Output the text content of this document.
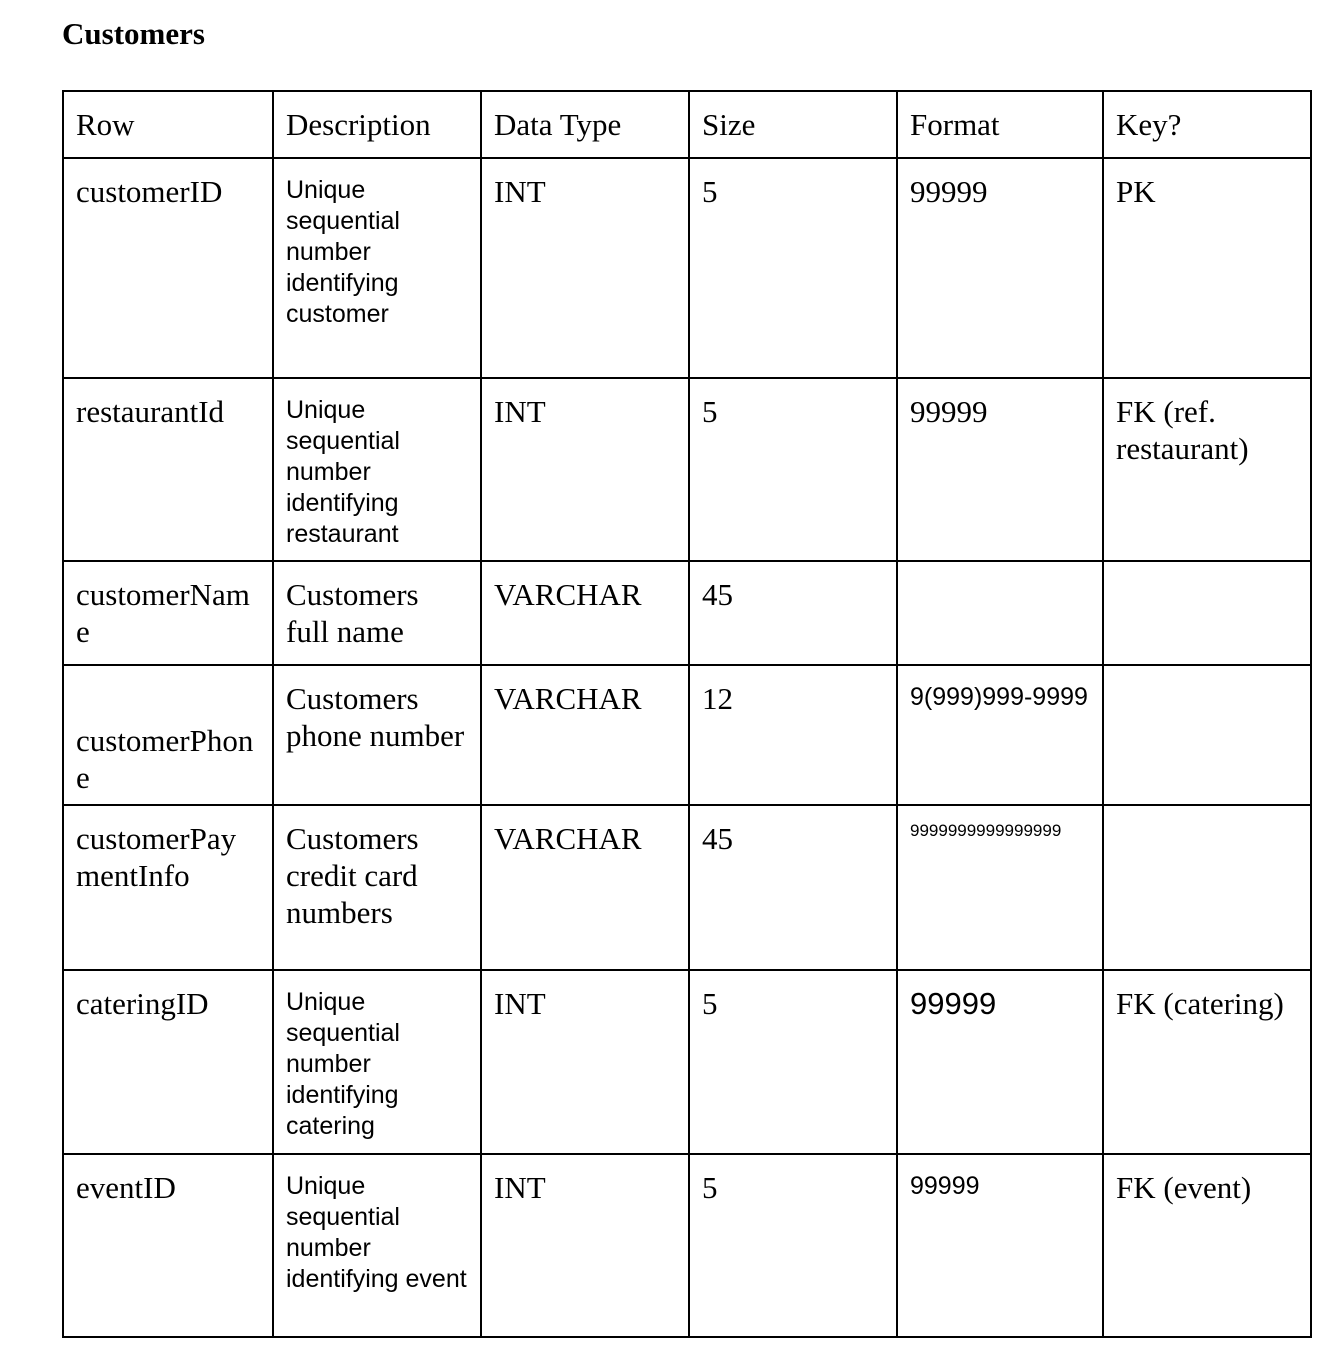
Customers
Row	Description	Data Type	Size	Format	Key?
customerID	Unique sequential number identifying customer	INT	5	99999	PK
restaurantId	Unique sequential number identifying restaurant	INT	5	99999	FK (ref. restaurant)
customerName	Customers full name	VARCHAR	45		
customerPhone	Customers phone number	VARCHAR	12	9(999)999-9999	
customerPaymentInfo	Customers credit card numbers	VARCHAR	45	9999999999999999	
cateringID	Unique sequential number identifying catering	INT	5	99999	FK (catering)
eventID	Unique sequential number identifying event	INT	5	99999	FK (event)
